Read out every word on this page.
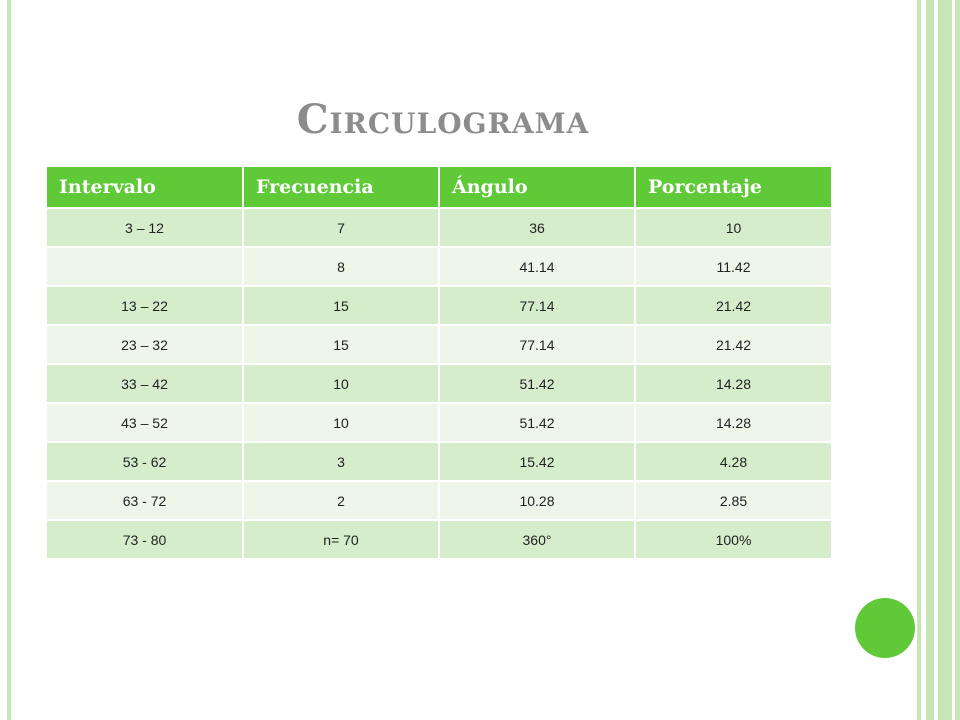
Circulograma
Intervalo	Frecuencia	Ángulo	Porcentaje
3 – 12	7	36	10
	8	41.14	11.42
13 – 22	15	77.14	21.42
23 – 32	15	77.14	21.42
33 – 42	10	51.42	14.28
43 – 52	10	51.42	14.28
53 - 62	3	15.42	4.28
63 - 72	2	10.28	2.85
73 - 80	n= 70	360°	100%
